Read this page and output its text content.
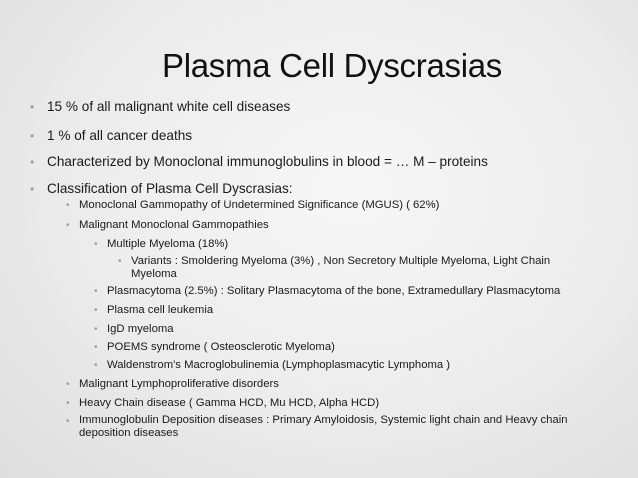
Plasma Cell Dyscrasias
• 15 % of all malignant white cell diseases
• 1 % of all cancer deaths
• Characterized by Monoclonal immunoglobulins in blood = … M – proteins
• Classification of Plasma Cell Dyscrasias:
• Monoclonal Gammopathy of Undetermined Significance (MGUS) ( 62%)
• Malignant Monoclonal Gammopathies
• Multiple Myeloma (18%)
• Variants : Smoldering Myeloma (3%) , Non Secretory Multiple Myeloma, Light Chain
Myeloma
• Plasmacytoma (2.5%) : Solitary Plasmacytoma of the bone, Extramedullary Plasmacytoma
• Plasma cell leukemia
• IgD myeloma
• POEMS syndrome ( Osteosclerotic Myeloma)
• Waldenstrom's Macroglobulinemia (Lymphoplasmacytic Lymphoma )
• Malignant Lymphoproliferative disorders
• Heavy Chain disease ( Gamma HCD, Mu HCD, Alpha HCD)
• Immunoglobulin Deposition diseases : Primary Amyloidosis, Systemic light chain and Heavy chain
deposition diseases
